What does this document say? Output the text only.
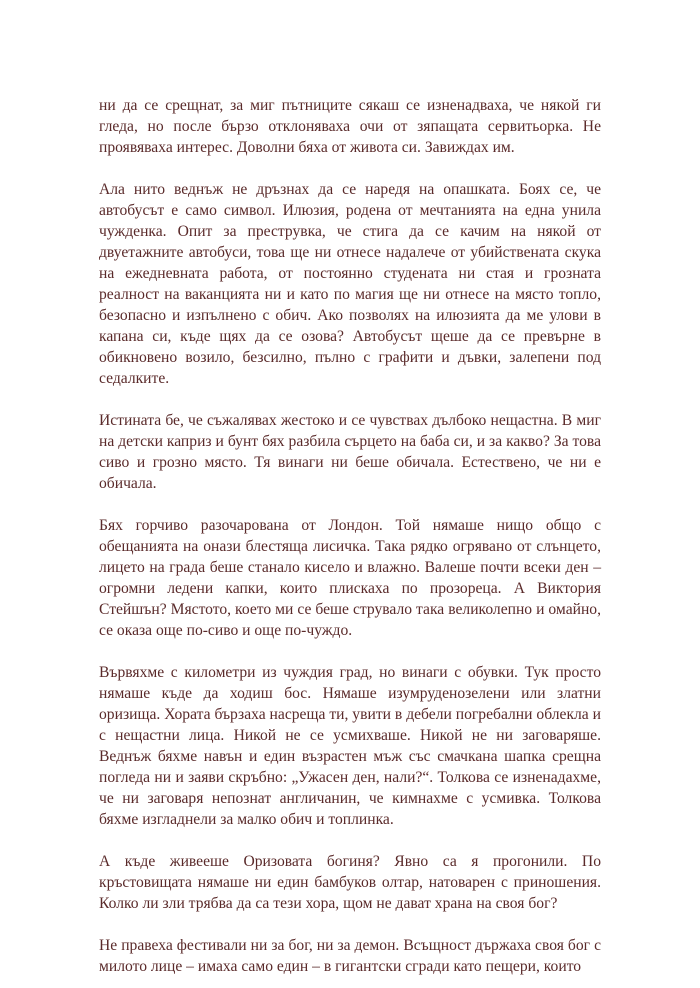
ни да се срещнат, за миг пътниците сякаш се изненадваха, че някой ги гледа, но после бързо отклоняваха очи от зяпащата сервитьорка. Не проявяваха интерес. Доволни бяха от живота си. Завиждах им.

Ала нито веднъж не дръзнах да се наредя на опашката. Боях се, че автобусът е само символ. Илюзия, родена от мечтанията на една унила чужденка. Опит за преструвка, че стига да се качим на някой от двуетажните автобуси, това ще ни отнесе надалече от убийствената скука на ежедневната работа, от постоянно студената ни стая и грозната реалност на ваканцията ни и като по магия ще ни отнесе на място топло, безопасно и изпълнено с обич. Ако позволях на илюзията да ме улови в капана си, къде щях да се озова? Автобусът щеше да се превърне в обикновено возило, безсилно, пълно с графити и дъвки, залепени под седалките.

Истината бе, че съжалявах жестоко и се чувствах дълбоко нещастна. В миг на детски каприз и бунт бях разбила сърцето на баба си, и за какво? За това сиво и грозно място. Тя винаги ни беше обичала. Естествено, че ни е обичала.

Бях горчиво разочарована от Лондон. Той нямаше нищо общо с обещанията на онази блестяща лисичка. Така рядко огрявано от слънцето, лицето на града беше станало кисело и влажно. Валеше почти всеки ден – огромни ледени капки, които плискаха по прозореца. А Виктория Стейшън? Мястото, което ми се беше струвало така великолепно и омайно, се оказа още по-сиво и още по-чуждо.

Вървяхме с километри из чуждия град, но винаги с обувки. Тук просто нямаше къде да ходиш бос. Нямаше изумруденозелени или златни оризища. Хората бързаха насреща ти, увити в дебели погребални облекла и с нещастни лица. Никой не се усмихваше. Никой не ни заговаряше. Веднъж бяхме навън и един възрастен мъж със смачкана шапка срещна погледа ни и заяви скръбно: „Ужасен ден, нали?“. Толкова се изненадахме, че ни заговаря непознат англичанин, че кимнахме с усмивка. Толкова бяхме изгладнели за малко обич и топлинка.

А къде живееше Оризовата богиня? Явно са я прогонили. По кръстовищата нямаше ни един бамбуков олтар, натоварен с приношения. Колко ли зли трябва да са тези хора, щом не дават храна на своя бог?

Не правеха фестивали ни за бог, ни за демон. Всъщност държаха своя бог с милото лице – имаха само един – в гигантски сгради като пещери, които
